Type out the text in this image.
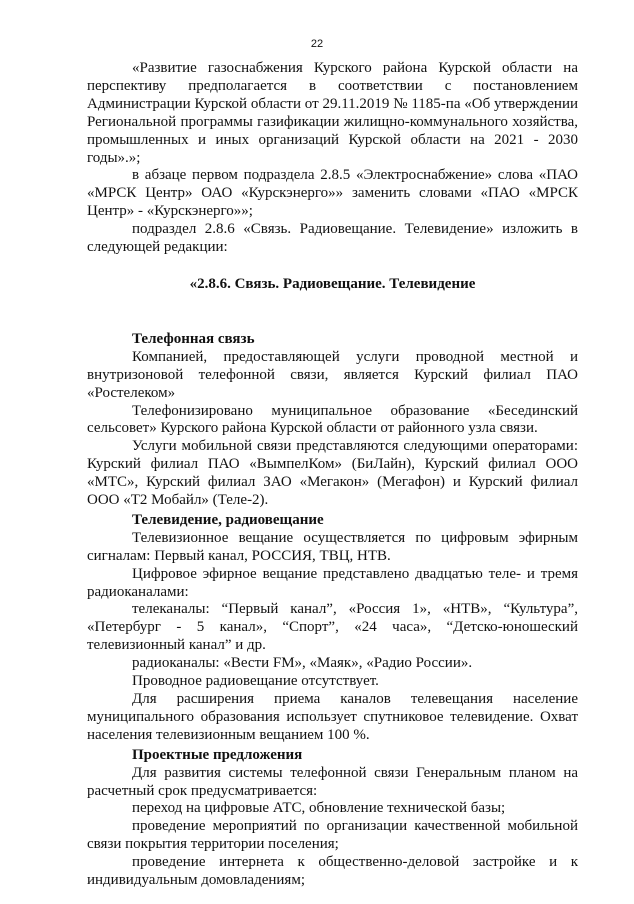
22

«Развитие газоснабжения Курского района Курской области на перспективу предполагается в соответствии с постановлением Администрации Курской области от 29.11.2019 № 1185-па «Об утверждении Региональной программы газификации жилищно-коммунального хозяйства, промышленных и иных организаций Курской области на 2021 - 2030 годы».»;

в абзаце первом подраздела 2.8.5 «Электроснабжение» слова «ПАО «МРСК Центр» ОАО «Курскэнерго»» заменить словами «ПАО «МРСК Центр» - «Курскэнерго»»;

подраздел 2.8.6 «Связь. Радиовещание. Телевидение» изложить в следующей редакции:

«2.8.6. Связь. Радиовещание. Телевидение

Телефонная связь

Компанией, предоставляющей услуги проводной местной и внутризоновой телефонной связи, является Курский филиал ПАО «Ростелеком»

Телефонизировано муниципальное образование «Бесединский сельсовет» Курского района Курской области от районного узла связи.

Услуги мобильной связи представляются следующими операторами: Курский филиал ПАО «ВымпелКом» (БиЛайн), Курский филиал ООО «МТС», Курский филиал ЗАО «Мегакон» (Мегафон) и Курский филиал ООО «Т2 Мобайл» (Теле-2).

Телевидение, радиовещание

Телевизионное вещание осуществляется по цифровым эфирным сигналам: Первый канал, РОССИЯ, ТВЦ, НТВ.

Цифровое эфирное вещание представлено двадцатью теле- и тремя радиоканалами:

телеканалы: “Первый канал”, «Россия 1», «НТВ», “Культура”, «Петербург - 5 канал», “Спорт”, «24 часа», “Детско-юношеский телевизионный канал” и др.

радиоканалы: «Вести FM», «Маяк», «Радио России».

Проводное радиовещание отсутствует.

Для расширения приема каналов телевещания население муниципального образования использует спутниковое телевидение. Охват населения телевизионным вещанием 100 %.

Проектные предложения

Для развития системы телефонной связи Генеральным планом на расчетный срок предусматривается:

переход на цифровые АТС, обновление технической базы;

проведение мероприятий по организации качественной мобильной связи покрытия территории поселения;

проведение интернета к общественно-деловой застройке и к индивидуальным домовладениям;
